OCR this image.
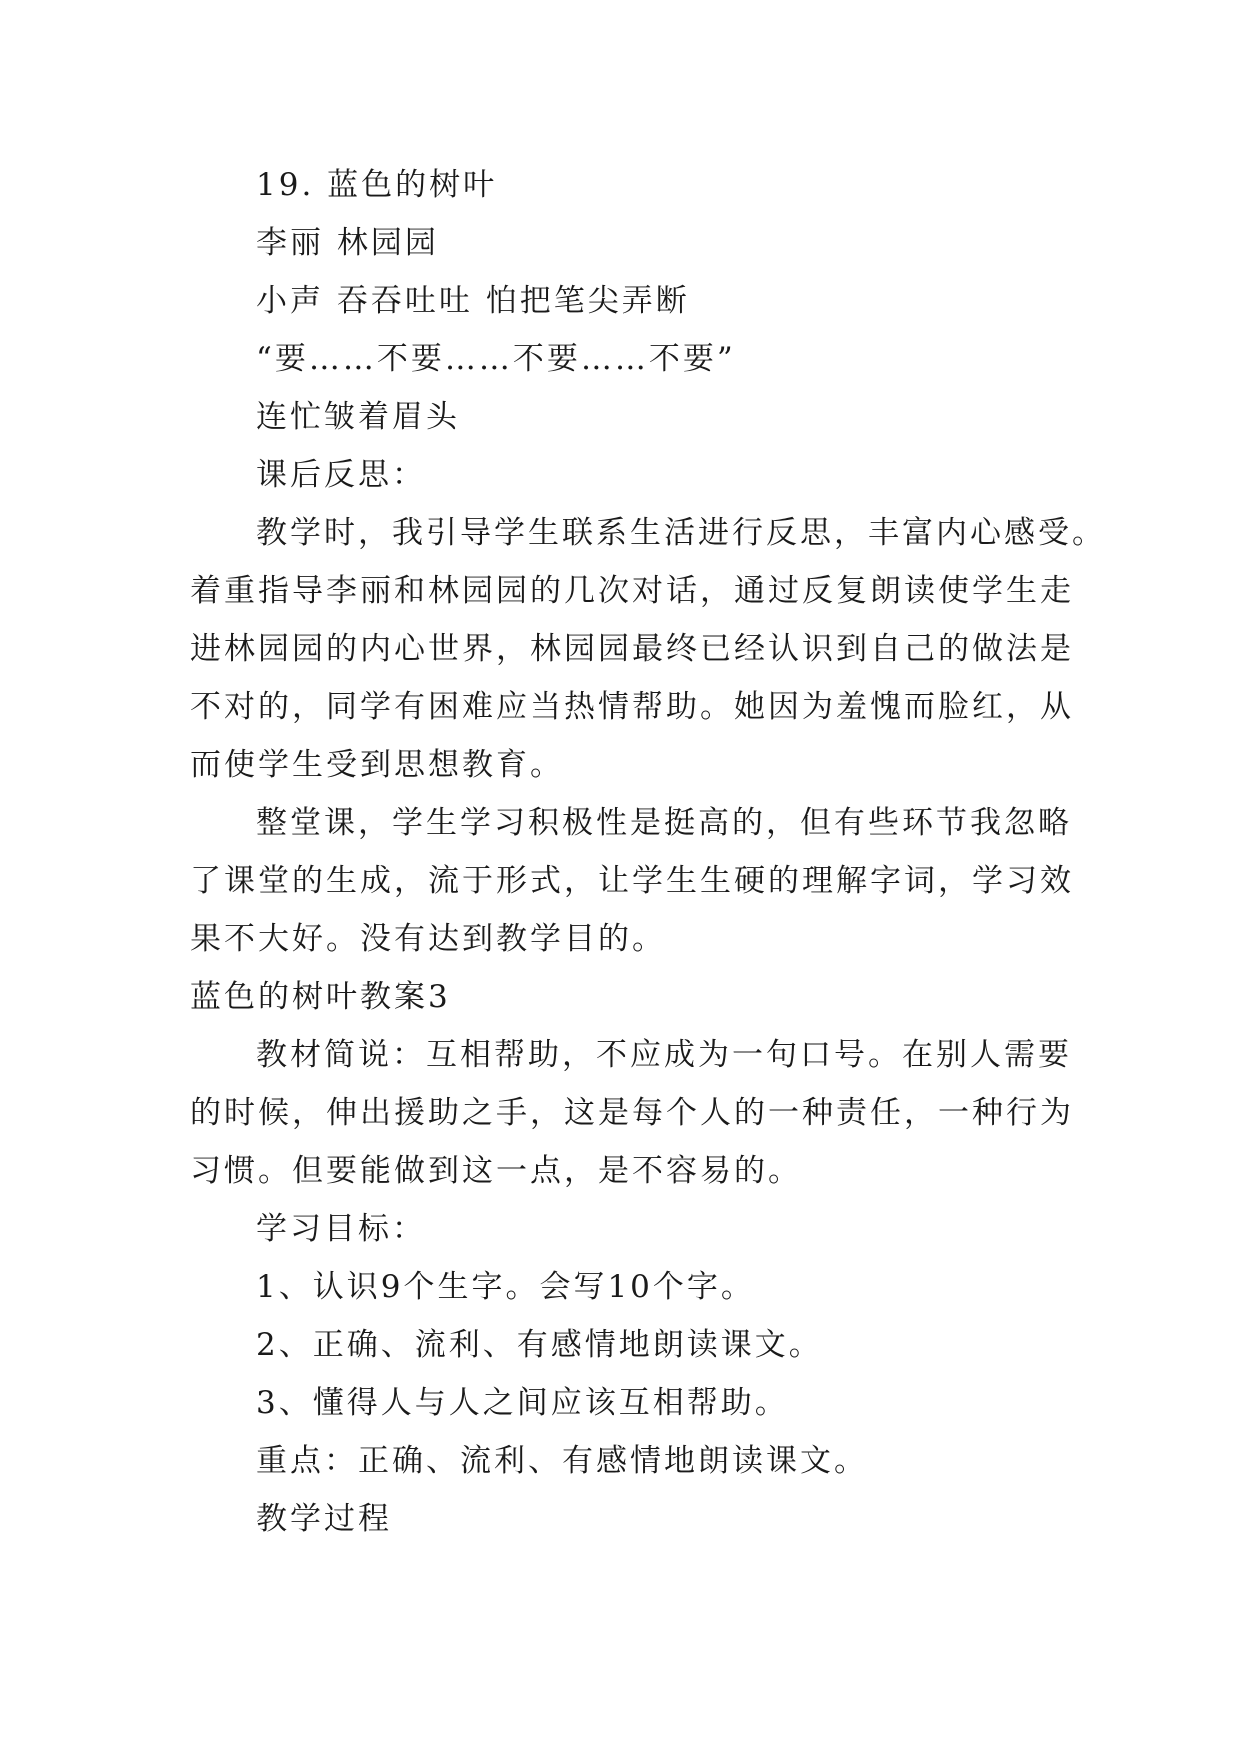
19. 蓝色的树叶
李丽 林园园
小声 吞吞吐吐 怕把笔尖弄断
“要……不要……不要……不要”
连忙皱着眉头
课后反思：
教学时，我引导学生联系生活进行反思，丰富内心感受。
着重指导李丽和林园园的几次对话，通过反复朗读使学生走
进林园园的内心世界，林园园最终已经认识到自己的做法是
不对的，同学有困难应当热情帮助。她因为羞愧而脸红，从
而使学生受到思想教育。
整堂课，学生学习积极性是挺高的，但有些环节我忽略
了课堂的生成，流于形式，让学生生硬的理解字词，学习效
果不大好。没有达到教学目的。
蓝色的树叶教案3
教材简说：互相帮助，不应成为一句口号。在别人需要
的时候，伸出援助之手，这是每个人的一种责任，一种行为
习惯。但要能做到这一点，是不容易的。
学习目标：
1、认识9个生字。会写10个字。
2、正确、流利、有感情地朗读课文。
3、懂得人与人之间应该互相帮助。
重点：正确、流利、有感情地朗读课文。
教学过程
